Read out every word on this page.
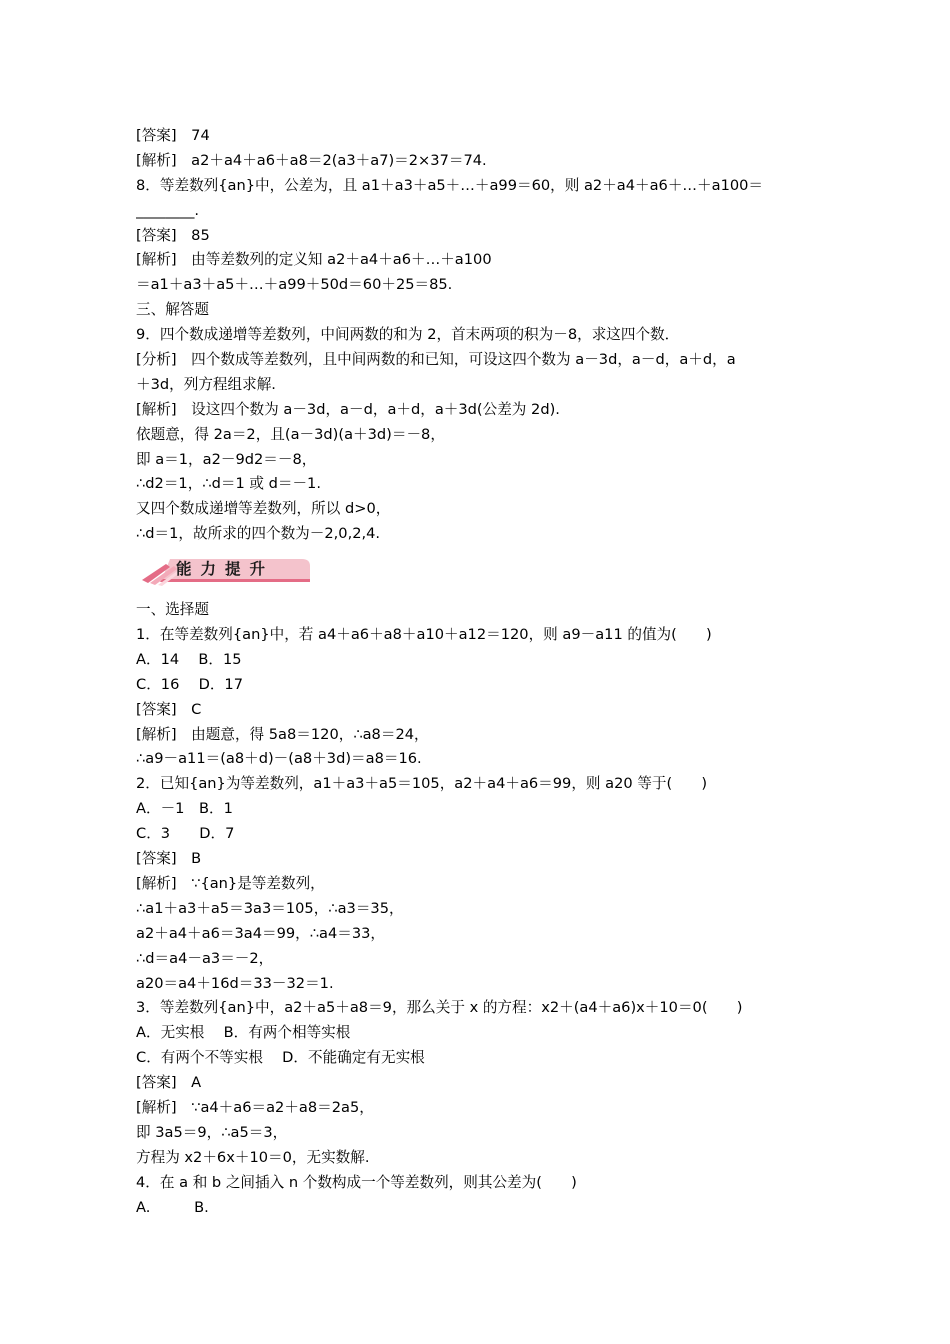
[答案]　74
[解析]　a2＋a4＋a6＋a8＝2(a3＋a7)＝2×37＝74.
8．等差数列{an}中，公差为，且 a1＋a3＋a5＋…＋a99＝60，则 a2＋a4＋a6＋…＋a100＝
________.
[答案]　85
[解析]　由等差数列的定义知 a2＋a4＋a6＋…＋a100
＝a1＋a3＋a5＋…＋a99＋50d＝60＋25＝85.
三、解答题
9．四个数成递增等差数列，中间两数的和为 2，首末两项的积为－8，求这四个数．
[分析]　四个数成等差数列，且中间两数的和已知，可设这四个数为 a－3d，a－d，a＋d，a
＋3d，列方程组求解.
[解析]　设这四个数为 a－3d，a－d，a＋d，a＋3d(公差为 2d).
依题意，得 2a＝2，且(a－3d)(a＋3d)＝－8，
即 a＝1，a2－9d2＝－8，
∴d2＝1，∴d＝1 或 d＝－1.
又四个数成递增等差数列，所以 d>0，
∴d＝1，故所求的四个数为－2,0,2,4.
能力提升
一、选择题
1．在等差数列{an}中，若 a4＋a6＋a8＋a10＋a12＝120，则 a9－a11 的值为(　　)
A．14　 B．15
C．16　 D．17
[答案]　C
[解析]　由题意，得 5a8＝120，∴a8＝24，
∴a9－a11＝(a8＋d)－(a8＋3d)＝a8＝16.
2．已知{an}为等差数列，a1＋a3＋a5＝105，a2＋a4＋a6＝99，则 a20 等于(　　)
A．－1　B．1
C．3　　D．7
[答案]　B
[解析]　∵{an}是等差数列，
∴a1＋a3＋a5＝3a3＝105，∴a3＝35，
a2＋a4＋a6＝3a4＝99，∴a4＝33，
∴d＝a4－a3＝－2，
a20＝a4＋16d＝33－32＝1.
3．等差数列{an}中，a2＋a5＋a8＝9，那么关于 x 的方程：x2＋(a4＋a6)x＋10＝0(　　)
A．无实根　 B．有两个相等实根
C．有两个不等实根　 D．不能确定有无实根
[答案]　A
[解析]　∵a4＋a6＝a2＋a8＝2a5，
即 3a5＝9，∴a5＝3，
方程为 x2＋6x＋10＝0，无实数解.
4．在 a 和 b 之间插入 n 个数构成一个等差数列，则其公差为(　　)
A.　　　B.
